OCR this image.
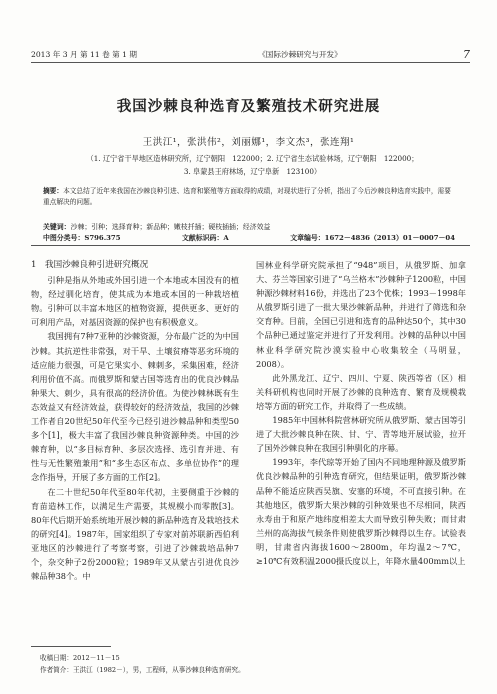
2013 年 3 月 第 11 卷 第 1 期	《国际沙棘研究与开发》	7
我国沙棘良种选育及繁殖技术研究进展
王洪江¹，张洪伟²，刘丽娜¹，李文杰³，张连翔¹
（1. 辽宁省干旱地区造林研究所，辽宁朝阳　122000；2. 辽宁省生态试验林场，辽宁朝阳　122000；
3. 阜蒙县王府林场，辽宁阜新　123100）
摘要：本文总结了近年来我国在沙棘良种引进、选育和繁殖等方面取得的成绩，对现状进行了分析，指出了今后沙棘良种选育实践中，需要重点解决的问题。
关键词：沙棘；引种；选择育种；新品种；嫩枝扦插；硬枝插插；经济效益
中图分类号：S796.375	文献标识码：A	文章编号：1672－4836（2013）01－0007－04
1　我国沙棘良种引进研究概况

引种是指从外地或外国引进一个本地或本国没有的植物，经过驯化培育，使其成为本地或本国的一种栽培植物。引种可以丰富本地区的植物资源，提供更多、更好的可利用产品，对基因资源的保护也有积极意义。

我国拥有7种7亚种的沙棘资源，分布最广泛的为中国沙棘。其抗逆性非常强，对干旱、土壤贫瘠等恶劣环境的适应能力很强，可是它果实小、棘刺多，采集困难，经济利用价值不高。而俄罗斯和蒙古国等选育出的优良沙棘品种果大、刺少，具有很高的经济价值。为使沙棘林既有生态效益又有经济效益，获得较好的经济效益，我国的沙棘工作者自20世纪50年代至今已经引进沙棘品种和类型50多个[1]，极大丰富了我国沙棘良种资源种类。中国的沙棘育种，以“多目标育种、多层次选择、选引育并进、有性与无性繁殖兼用”和“多生态区布点、多单位协作”的理念作指导，开展了多方面的工作[2]。

在二十世纪50年代至80年代初，主要侧重于沙棘的育苗造林工作，以满足生产需要，其规模小而零散[3]。80年代后期开始系统地开展沙棘的新品种选育及栽培技术的研究[4]。1987年，国家组织了专家对前苏联新西伯利亚地区的沙棘进行了考察考察，引进了沙棘栽培品种7个，杂交种子2份2000粒；1989年又从蒙古引进优良沙棘品种38个。中

国林业科学研究院承担了“948”项目，从俄罗斯、加拿大、芬兰等国家引进了“乌兰格木”沙棘种子1200粒，中国种源沙棘材料16份，并选出了23个优株；1993－1998年从俄罗斯引进了一批大果沙棘新品种，并进行了筛选和杂交育种。目前，全国已引进和选育的品种达50个，其中30个品种已通过鉴定并进行了开发利用。沙棘的品种以中国林业科学研究院沙漠实验中心收集较全（马明显，2008）。

此外黑龙江、辽宁、四川、宁夏、陕西等省（区）相关科研机构也同时开展了沙棘的良种选育、繁育及规模栽培等方面的研究工作，并取得了一些成绩。

1985年中国林科院营林研究所从俄罗斯、蒙古国等引进了大批沙棘良种在陕、甘、宁、青等地开展试验，拉开了国外沙棘良种在我国引种驯化的序幕。

1993年，李代琼等开始了国内不同地理种源及俄罗斯优良沙棘品种的引种选育研究，但结果证明，俄罗斯沙棘品种不能适应陕西吴旗、安塞的环境，不可直接引种。在其他地区，俄罗斯大果沙棘的引种效果也不尽相同，陕西永寿由于和原产地纬度相差太大而导致引种失败；而甘肃兰州的高海拔气候条件则使俄罗斯沙棘得以生存。试验表明，甘肃省内海拔1600～2800m，年均温2～7℃，≥10℃有效积温2000摄氏度以上，年降水量400mm以上

收稿日期：2012－11－15
作者简介：王洪江（1982－），男，工程师，从事沙棘良种选育研究。
